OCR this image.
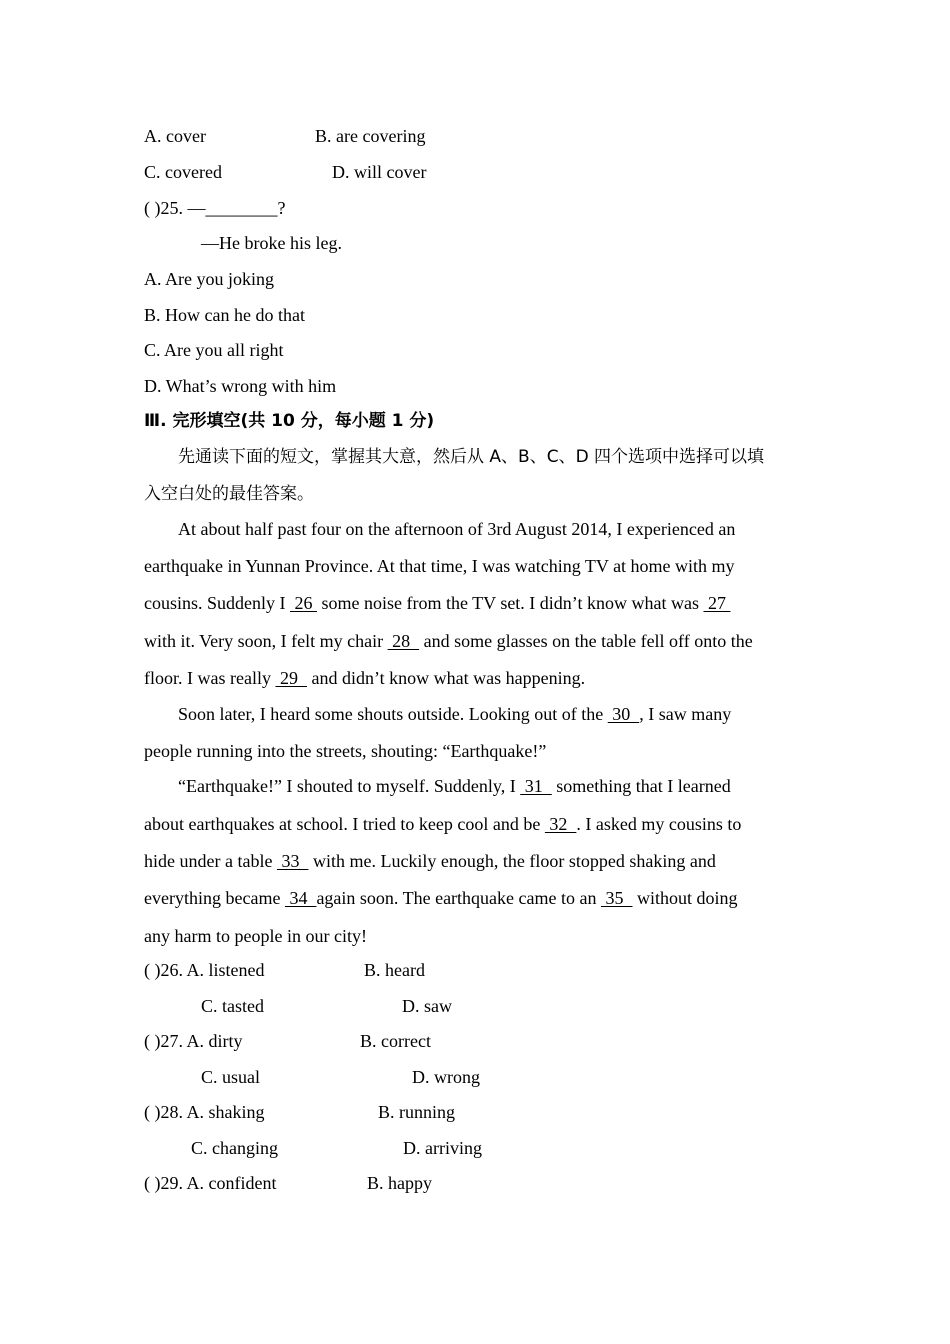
A. cover	B. are covering
C. covered	D. will cover
( )25. —________?
—He broke his leg.
A. Are you joking
B. How can he do that
C. Are you all right
D. What’s wrong with him
Ⅲ. 完形填空(共 10 分，每小题 1 分)
先通读下面的短文，掌握其大意，然后从 A、B、C、D 四个选项中选择可以填
入空白处的最佳答案。
At about half past four on the afternoon of 3rd August 2014, I experienced an
earthquake in Yunnan Province. At that time, I was watching TV at home with my
cousins. Suddenly I  26  some noise from the TV set. I didn’t know what was  27
with it. Very soon, I felt my chair  28   and some glasses on the table fell off onto the
floor. I was really  29   and didn’t know what was happening.
Soon later, I heard some shouts outside. Looking out of the  30  , I saw many
people running into the streets, shouting: “Earthquake!”
“Earthquake!” I shouted to myself. Suddenly, I  31   something that I learned
about earthquakes at school. I tried to keep cool and be  32  . I asked my cousins to
hide under a table  33   with me. Luckily enough, the floor stopped shaking and
everything became  34  again soon. The earthquake came to an  35   without doing
any harm to people in our city!
( )26. A. listened	B. heard
C. tasted	D. saw
( )27. A. dirty	B. correct
C. usual	D. wrong
( )28. A. shaking	B. running
C. changing	D. arriving
( )29. A. confident	B. happy
